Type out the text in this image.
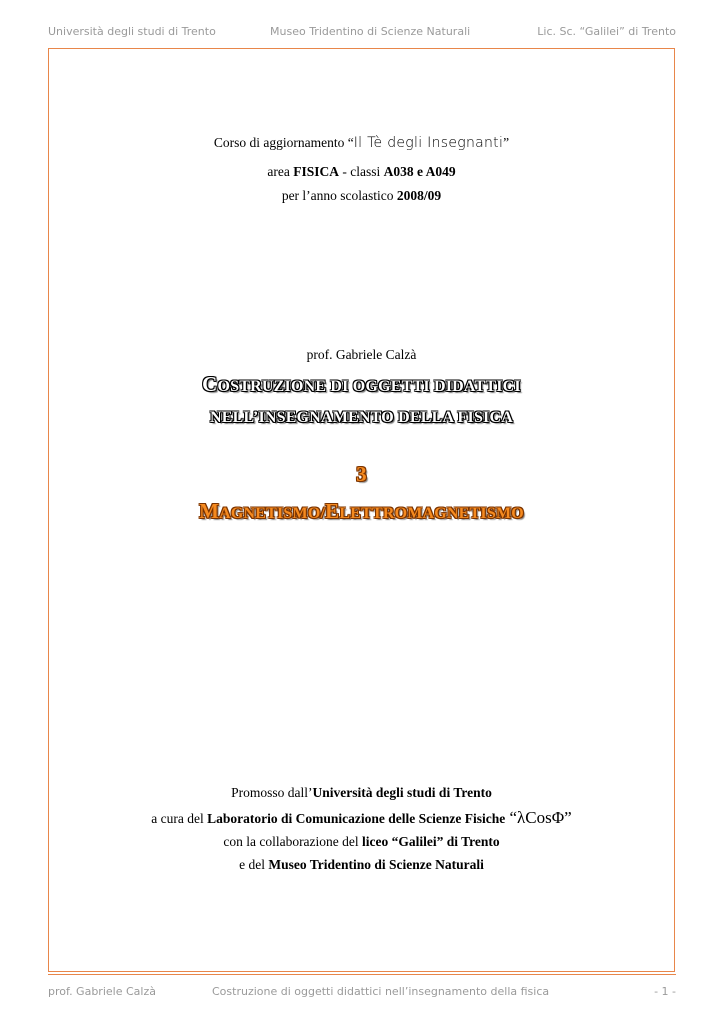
Università degli studi di Trento	Museo Tridentino di Scienze Naturali	Lic. Sc. “Galilei” di Trento
Corso di aggiornamento “Il Tè degli Insegnanti”
area FISICA - classi A038 e A049
per l’anno scolastico 2008/09
prof. Gabriele Calzà
COSTRUZIONE DI OGGETTI DIDATTICI
NELL’INSEGNAMENTO DELLA FISICA
3
MAGNETISMO/ELETTROMAGNETISMO
Promosso dall’Università degli studi di Trento
a cura del Laboratorio di Comunicazione delle Scienze Fisiche “λCosΦ”
con la collaborazione del liceo “Galilei” di Trento
e del Museo Tridentino di Scienze Naturali
prof. Gabriele Calzà	Costruzione di oggetti didattici nell’insegnamento della fisica	- 1 -
